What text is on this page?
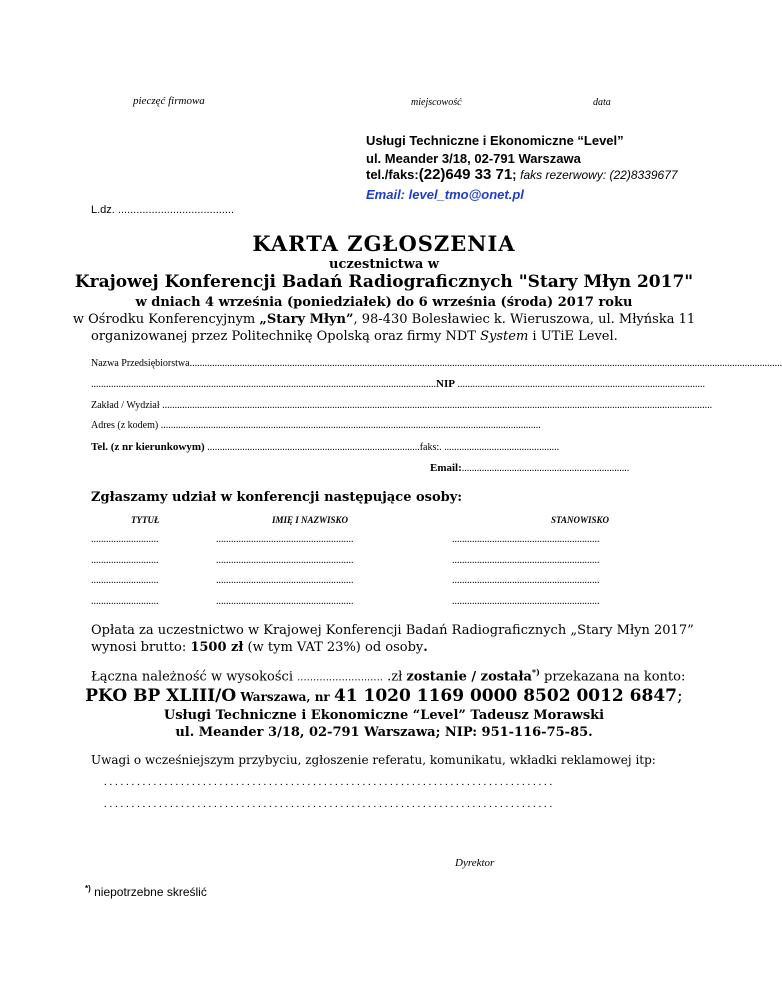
pieczęć firmowa	miejscowość	data
Usługi Techniczne i Ekonomiczne “Level”
ul. Meander 3/18, 02-791 Warszawa
tel./faks:(22)649 33 71; faks rezerwowy: (22)8339677
Email: level_tmo@onet.pl
L.dz. ......................................
KARTA ZGŁOSZENIA
uczestnictwa w
Krajowej Konferencji Badań Radiograficznych "Stary Młyn 2017"
w dniach 4 września (poniedziałek) do 6 września (środa) 2017 roku
w Ośrodku Konferencyjnym „Stary Młyn”, 98-430 Bolesławiec k. Wieruszowa, ul. Młyńska 11
organizowanej przez Politechnikę Opolską oraz firmy NDT System i UTiE Level.
Nazwa Przedsiębiorstwa.............................................................................................................................................................................................................................................
..........................................................................................................................................NIP ...................................................................................................
Zakład / Wydział ............................................................................................................................................................................................................................
Adres (z kodem) ........................................................................................................................................................
Tel. (z nr kierunkowym) .....................................................................................faks:. ..............................................
Email:...................................................................
Zgłaszamy udział w konferencji następujące osoby:
TYTUŁ	IMIĘ I NAZWISKO	STANOWISKO
...........................	.......................................................	...........................................................
...........................	.......................................................	...........................................................
...........................	.......................................................	...........................................................
...........................	.......................................................	...........................................................
Opłata za uczestnictwo w Krajowej Konferencji Badań Radiograficznych „Stary Młyn 2017”
wynosi brutto: 1500 zł (w tym VAT 23%) od osoby.
Łączna należność w wysokości ........................... .zł zostanie / została*) przekazana na konto:
PKO BP XLIII/O Warszawa, nr 41 1020 1169 0000 8502 0012 6847;
Usługi Techniczne i Ekonomiczne “Level” Tadeusz Morawski
ul. Meander 3/18, 02-791 Warszawa; NIP: 951-116-75-85.
Uwagi o wcześniejszym przybyciu, zgłoszenie referatu, komunikatu, wkładki reklamowej itp:
. . . . . . . . . . . . . . . . . . . . . . . . . . . . . . . . . . . . . . . . . . . . . . . . . . . . . . . . . . . . . . . . . . . . . . . . . . . . . . . . . .
. . . . . . . . . . . . . . . . . . . . . . . . . . . . . . . . . . . . . . . . . . . . . . . . . . . . . . . . . . . . . . . . . . . . . . . . . . . . . . . . . .
Dyrektor
*) niepotrzebne skreślić
